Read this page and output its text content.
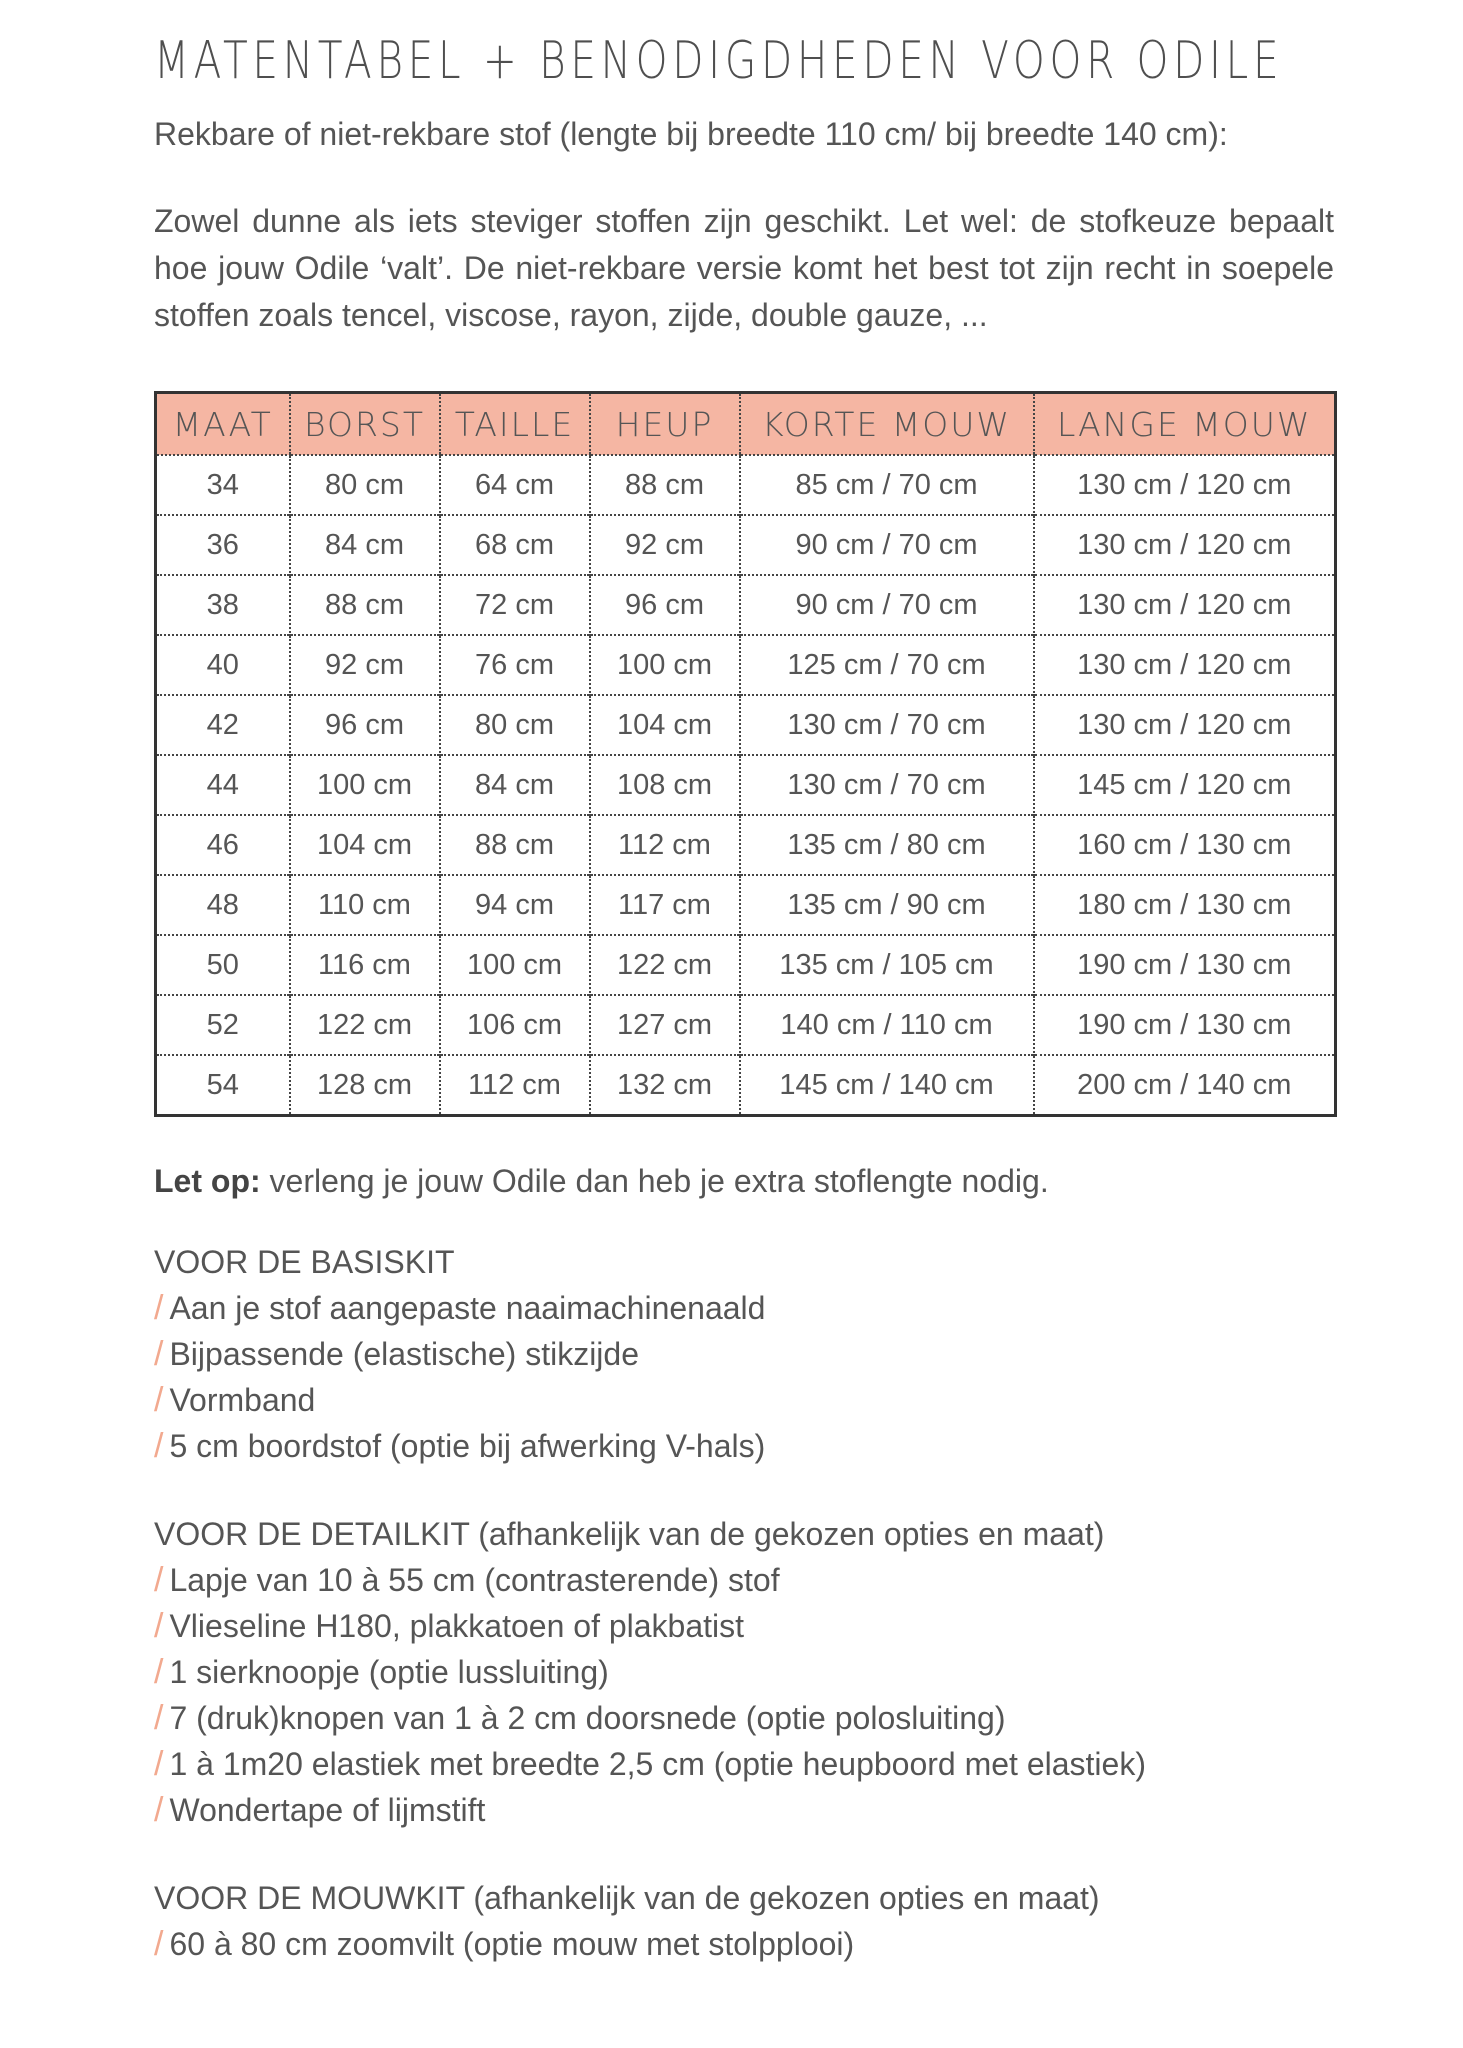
MATENTABEL + BENODIGDHEDEN VOOR ODILE

Rekbare of niet-rekbare stof (lengte bij breedte 110 cm/ bij breedte 140 cm):

Zowel dunne als iets steviger stoffen zijn geschikt. Let wel: de stofkeuze bepaalt hoe jouw Odile ‘valt’. De niet-rekbare versie komt het best tot zijn recht in soepele stoffen zoals tencel, viscose, rayon, zijde, double gauze, ...

MAAT	BORST	TAILLE	HEUP	KORTE MOUW	LANGE MOUW
34	80 cm	64 cm	88 cm	85 cm / 70 cm	130 cm / 120 cm
36	84 cm	68 cm	92 cm	90 cm / 70 cm	130 cm / 120 cm
38	88 cm	72 cm	96 cm	90 cm / 70 cm	130 cm / 120 cm
40	92 cm	76 cm	100 cm	125 cm / 70 cm	130 cm / 120 cm
42	96 cm	80 cm	104 cm	130 cm / 70 cm	130 cm / 120 cm
44	100 cm	84 cm	108 cm	130 cm / 70 cm	145 cm / 120 cm
46	104 cm	88 cm	112 cm	135 cm / 80 cm	160 cm / 130 cm
48	110 cm	94 cm	117 cm	135 cm / 90 cm	180 cm / 130 cm
50	116 cm	100 cm	122 cm	135 cm / 105 cm	190 cm / 130 cm
52	122 cm	106 cm	127 cm	140 cm / 110 cm	190 cm / 130 cm
54	128 cm	112 cm	132 cm	145 cm / 140 cm	200 cm / 140 cm

Let op: verleng je jouw Odile dan heb je extra stoflengte nodig.

VOOR DE BASISKIT

/ Aan je stof aangepaste naaimachinenaald
/ Bijpassende (elastische) stikzijde
/ Vormband
/ 5 cm boordstof (optie bij afwerking V-hals)

VOOR DE DETAILKIT (afhankelijk van de gekozen opties en maat)

/ Lapje van 10 à 55 cm (contrasterende) stof
/ Vlieseline H180, plakkatoen of plakbatist
/ 1 sierknoopje (optie lussluiting)
/ 7 (druk)knopen van 1 à 2 cm doorsnede (optie polosluiting)
/ 1 à 1m20 elastiek met breedte 2,5 cm (optie heupboord met elastiek)
/ Wondertape of lijmstift

VOOR DE MOUWKIT (afhankelijk van de gekozen opties en maat)

/ 60 à 80 cm zoomvilt (optie mouw met stolpplooi)
